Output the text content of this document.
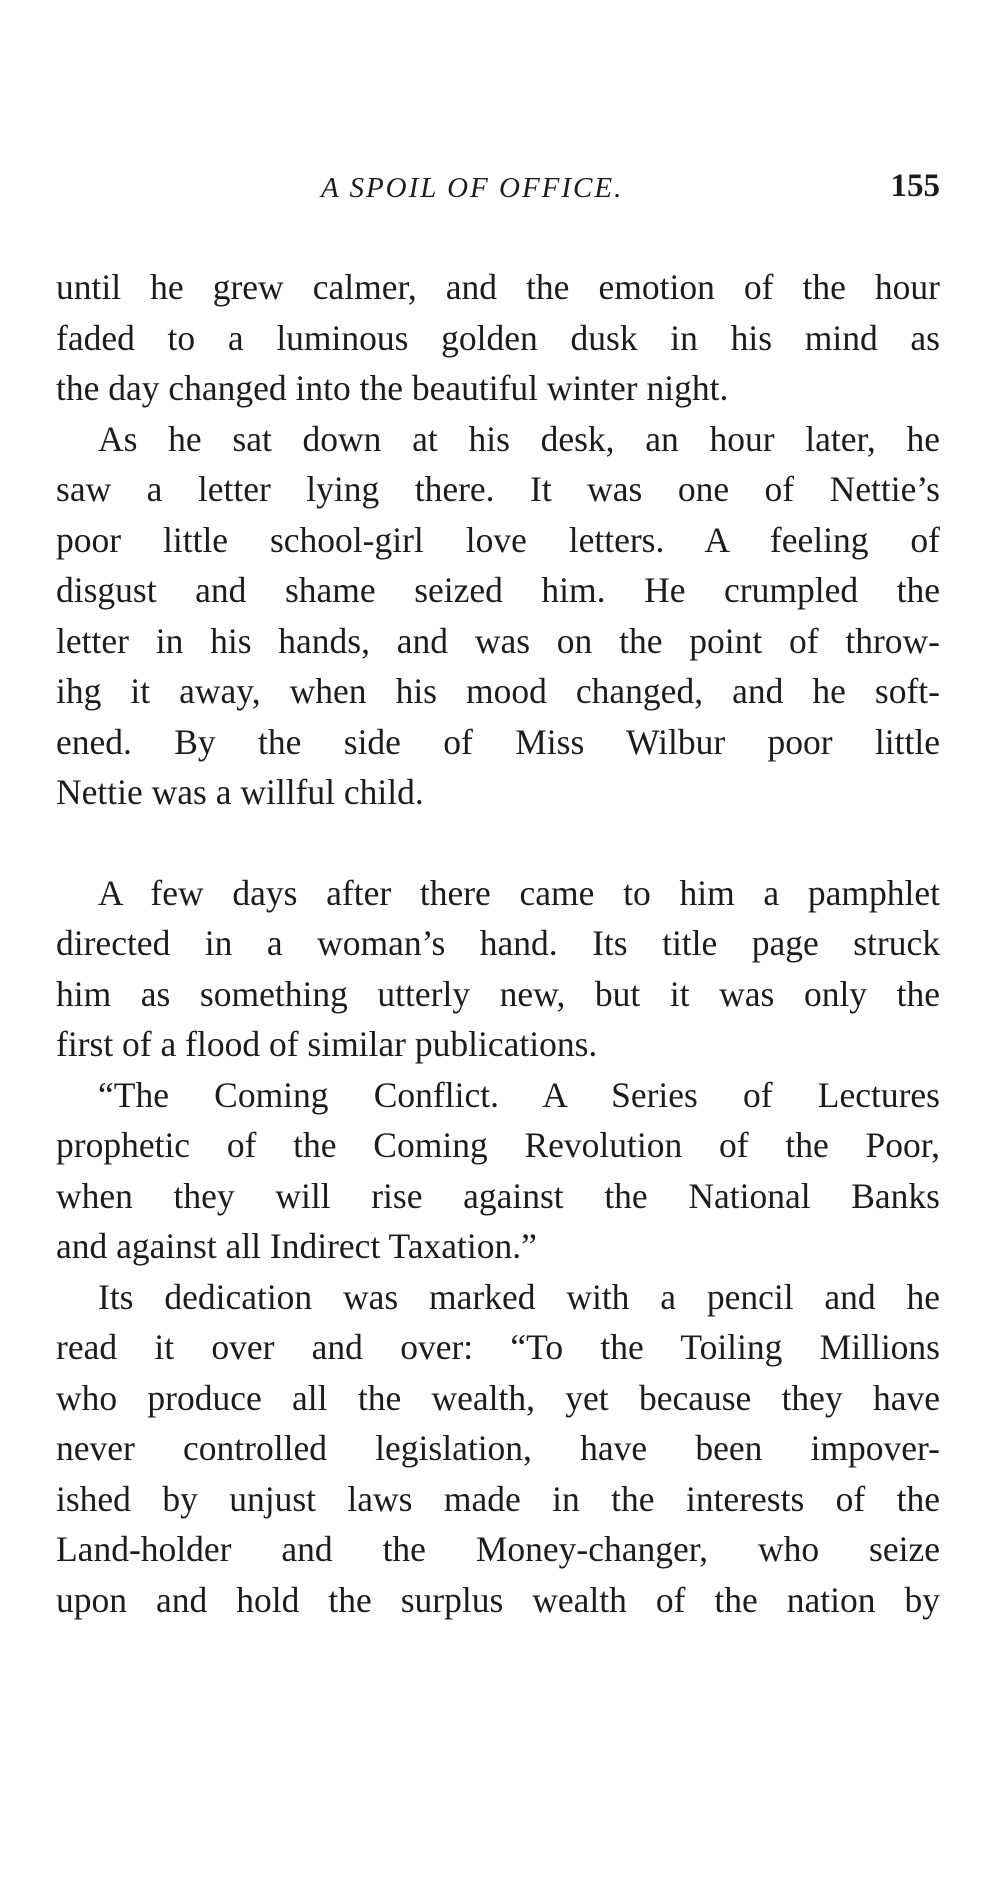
A SPOIL OF OFFICE.	155
until he grew calmer, and the emotion of the hour
faded to a luminous golden dusk in his mind as
the day changed into the beautiful winter night.
As he sat down at his desk, an hour later, he
saw a letter lying there. It was one of Nettie’s
poor little school-girl love letters. A feeling of
disgust and shame seized him. He crumpled the
letter in his hands, and was on the point of throw-
ihg it away, when his mood changed, and he soft-
ened. By the side of Miss Wilbur poor little
Nettie was a willful child.
A few days after there came to him a pamphlet
directed in a woman’s hand. Its title page struck
him as something utterly new, but it was only the
first of a flood of similar publications.
“The Coming Conflict. A Series of Lectures
prophetic of the Coming Revolution of the Poor,
when they will rise against the National Banks
and against all Indirect Taxation.”
Its dedication was marked with a pencil and he
read it over and over: “To the Toiling Millions
who produce all the wealth, yet because they have
never controlled legislation, have been impover-
ished by unjust laws made in the interests of the
Land-holder and the Money-changer, who seize
upon and hold the surplus wealth of the nation by
